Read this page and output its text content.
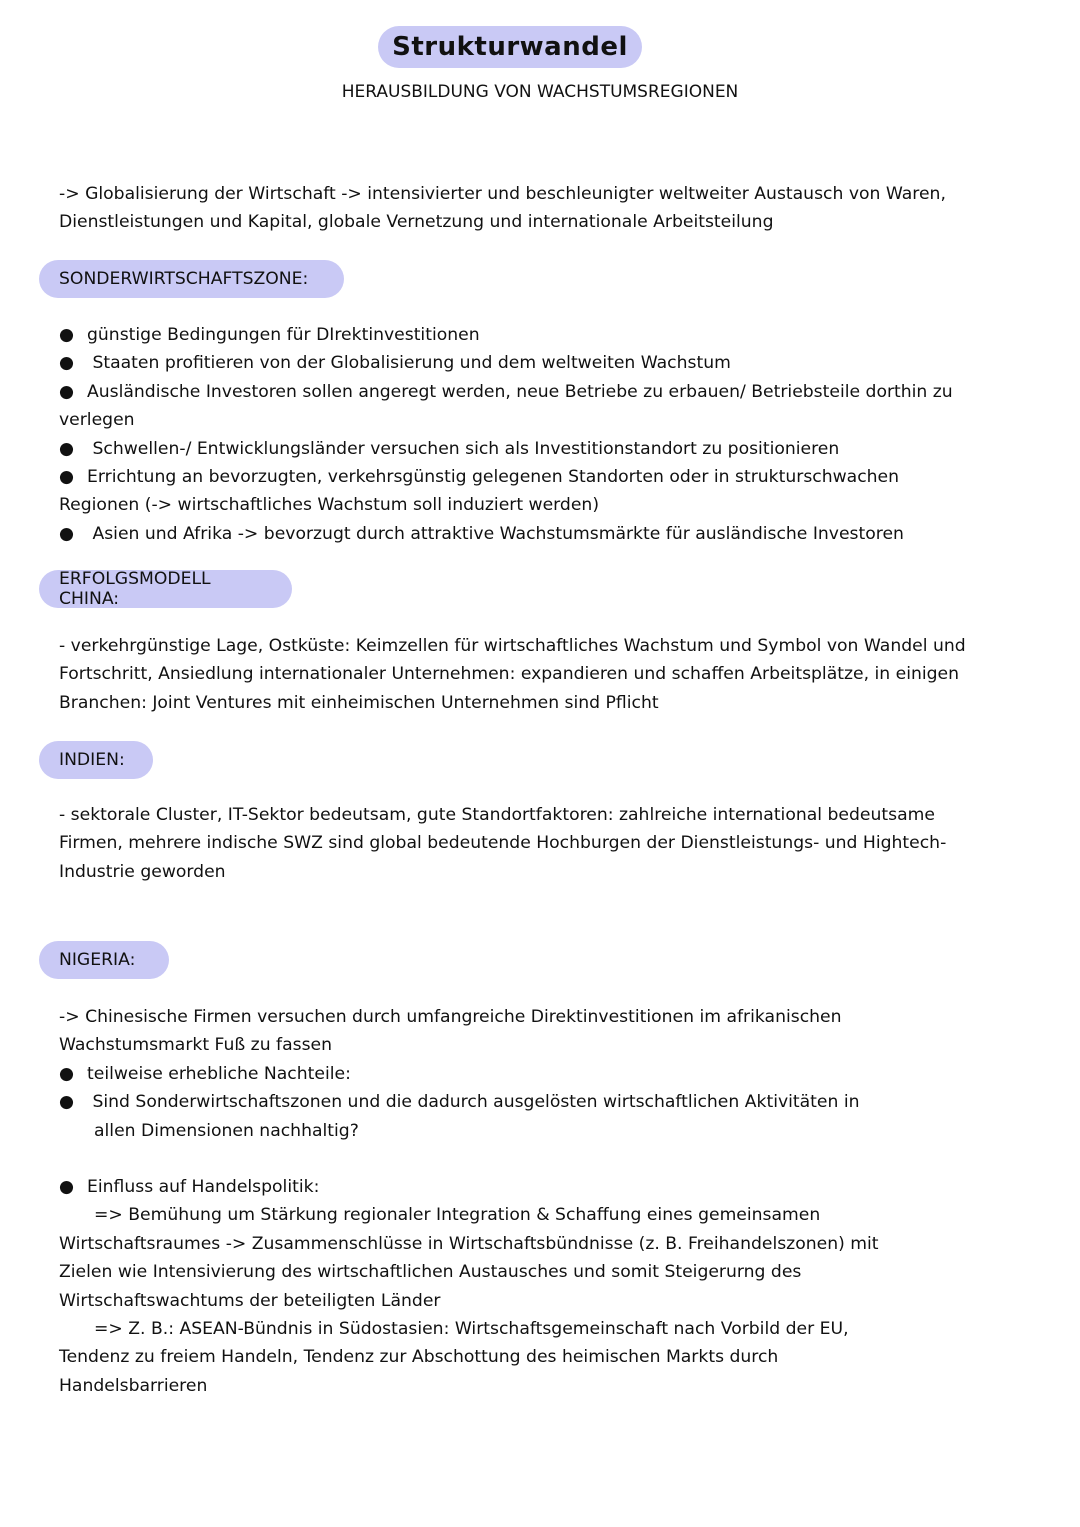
Strukturwandel
HERAUSBILDUNG VON WACHSTUMSREGIONEN
-> Globalisierung der Wirtschaft -> intensivierter und beschleunigter weltweiter Austausch von Waren,
Dienstleistungen und Kapital, globale Vernetzung und internationale Arbeitsteilung
SONDERWIRTSCHAFTSZONE:
● günstige Bedingungen für DIrektinvestitionen
● Staaten profitieren von der Globalisierung und dem weltweiten Wachstum
● Ausländische Investoren sollen angeregt werden, neue Betriebe zu erbauen/ Betriebsteile dorthin zu
verlegen
● Schwellen-/ Entwicklungsländer versuchen sich als Investitionstandort zu positionieren
● Errichtung an bevorzugten, verkehrsgünstig gelegenen Standorten oder in strukturschwachen
Regionen (-> wirtschaftliches Wachstum soll induziert werden)
● Asien und Afrika -> bevorzugt durch attraktive Wachstumsmärkte für ausländische Investoren
ERFOLGSMODELL CHINA:
- verkehrgünstige Lage, Ostküste: Keimzellen für wirtschaftliches Wachstum und Symbol von Wandel und
Fortschritt, Ansiedlung internationaler Unternehmen: expandieren und schaffen Arbeitsplätze, in einigen
Branchen: Joint Ventures mit einheimischen Unternehmen sind Pflicht
INDIEN:
- sektorale Cluster, IT-Sektor bedeutsam, gute Standortfaktoren: zahlreiche international bedeutsame
Firmen, mehrere indische SWZ sind global bedeutende Hochburgen der Dienstleistungs- und Hightech-
Industrie geworden
NIGERIA:
-> Chinesische Firmen versuchen durch umfangreiche Direktinvestitionen im afrikanischen
Wachstumsmarkt Fuß zu fassen
● teilweise erhebliche Nachteile:
● Sind Sonderwirtschaftszonen und die dadurch ausgelösten wirtschaftlichen Aktivitäten in
allen Dimensionen nachhaltig?
● Einfluss auf Handelspolitik:
=> Bemühung um Stärkung regionaler Integration & Schaffung eines gemeinsamen
Wirtschaftsraumes -> Zusammenschlüsse in Wirtschaftsbündnisse (z. B. Freihandelszonen) mit
Zielen wie Intensivierung des wirtschaftlichen Austausches und somit Steigerurng des
Wirtschaftswachtums der beteiligten Länder
=> Z. B.: ASEAN-Bündnis in Südostasien: Wirtschaftsgemeinschaft nach Vorbild der EU,
Tendenz zu freiem Handeln, Tendenz zur Abschottung des heimischen Markts durch
Handelsbarrieren
